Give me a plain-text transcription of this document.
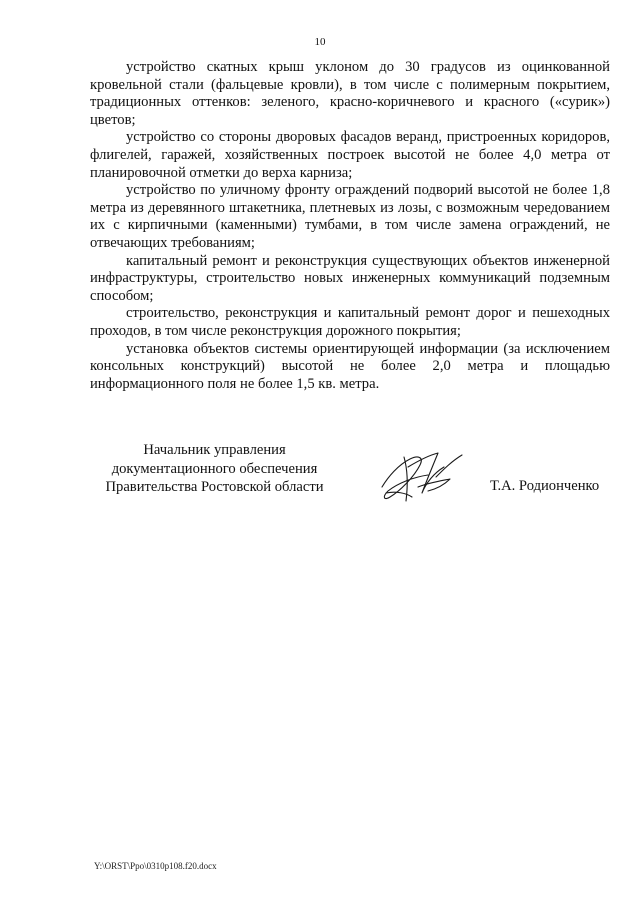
10

устройство скатных крыш уклоном до 30 градусов из оцинкованной кровельной стали (фальцевые кровли), в том числе с полимерным покрытием, традиционных оттенков: зеленого, красно-коричневого и красного («сурик») цветов;

устройство со стороны дворовых фасадов веранд, пристроенных коридоров, флигелей, гаражей, хозяйственных построек высотой не более 4,0 метра от планировочной отметки до верха карниза;

устройство по уличному фронту ограждений подворий высотой не более 1,8 метра из деревянного штакетника, плетневых из лозы, с возможным чередованием их с кирпичными (каменными) тумбами, в том числе замена ограждений, не отвечающих требованиям;

капитальный ремонт и реконструкция существующих объектов инженерной инфраструктуры, строительство новых инженерных коммуникаций подземным способом;

строительство, реконструкция и капитальный ремонт дорог и пешеходных проходов, в том числе реконструкция дорожного покрытия;

установка объектов системы ориентирующей информации (за исключением консольных конструкций) высотой не более 2,0 метра и площадью информационного поля не более 1,5 кв. метра.

Начальник управления
документационного обеспечения
Правительства Ростовской области	Т.А. Родионченко
Y:\ORST\Ppo\0310p108.f20.docx
